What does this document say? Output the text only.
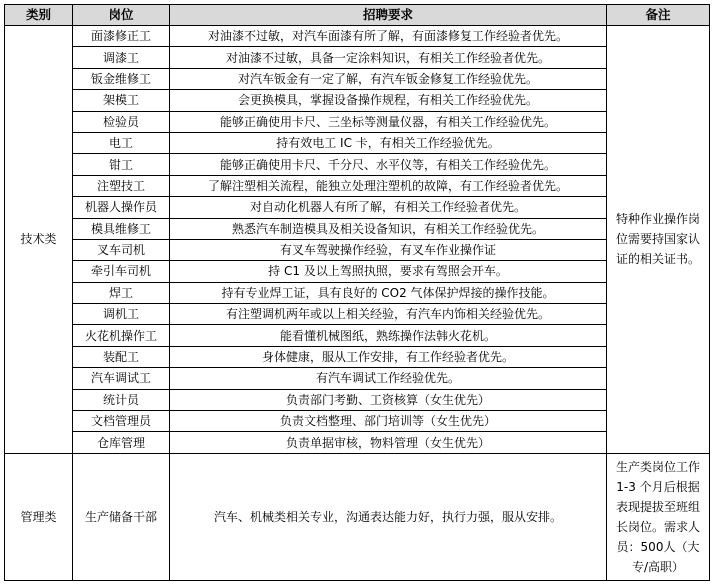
类别	岗位	招聘要求	备注
技术类	面漆修正工	对油漆不过敏，对汽车面漆有所了解，有面漆修复工作经验者优先。	特种作业操作岗位需要持国家认证的相关证书。
	调漆工	对油漆不过敏，具备一定涂料知识，有相关工作经验者优先。	
	钣金维修工	对汽车钣金有一定了解，有汽车钣金修复工作经验优先。	
	架模工	会更换模具，掌握设备操作规程，有相关工作经验优先。	
	检验员	能够正确使用卡尺、三坐标等测量仪器，有相关工作经验优先。	
	电工	持有效电工 IC 卡，有相关工作经验优先。	
	钳工	能够正确使用卡尺、千分尺、水平仪等，有相关工作经验优先。	
	注塑技工	了解注塑相关流程，能独立处理注塑机的故障，有工作经验者优先。	
	机器人操作员	对自动化机器人有所了解，有相关工作经验者优先。	
	模具维修工	熟悉汽车制造模具及相关设备知识，有相关工作经验优先。	
	叉车司机	有叉车驾驶操作经验，有叉车作业操作证	
	牵引车司机	持 C1 及以上驾照执照，要求有驾照会开车。	
	焊工	持有专业焊工证，具有良好的 CO2 气体保护焊接的操作技能。	
	调机工	有注塑调机两年或以上相关经验，有汽车内饰相关经验优先。	
	火花机操作工	能看懂机械图纸，熟练操作法韩火花机。	
	装配工	身体健康，服从工作安排，有工作经验者优先。	
	汽车调试工	有汽车调试工作经验优先。	
	统计员	负责部门考勤、工资核算（女生优先）	
	文档管理员	负责文档整理、部门培训等（女生优先）	
	仓库管理	负责单据审核，物料管理（女生优先）	
管理类	生产储备干部	汽车、机械类相关专业，沟通表达能力好，执行力强，服从安排。	生产类岗位工作 1-3 个月后根据表现提拔至班组长岗位。需求人员：500人（大专/高职）
